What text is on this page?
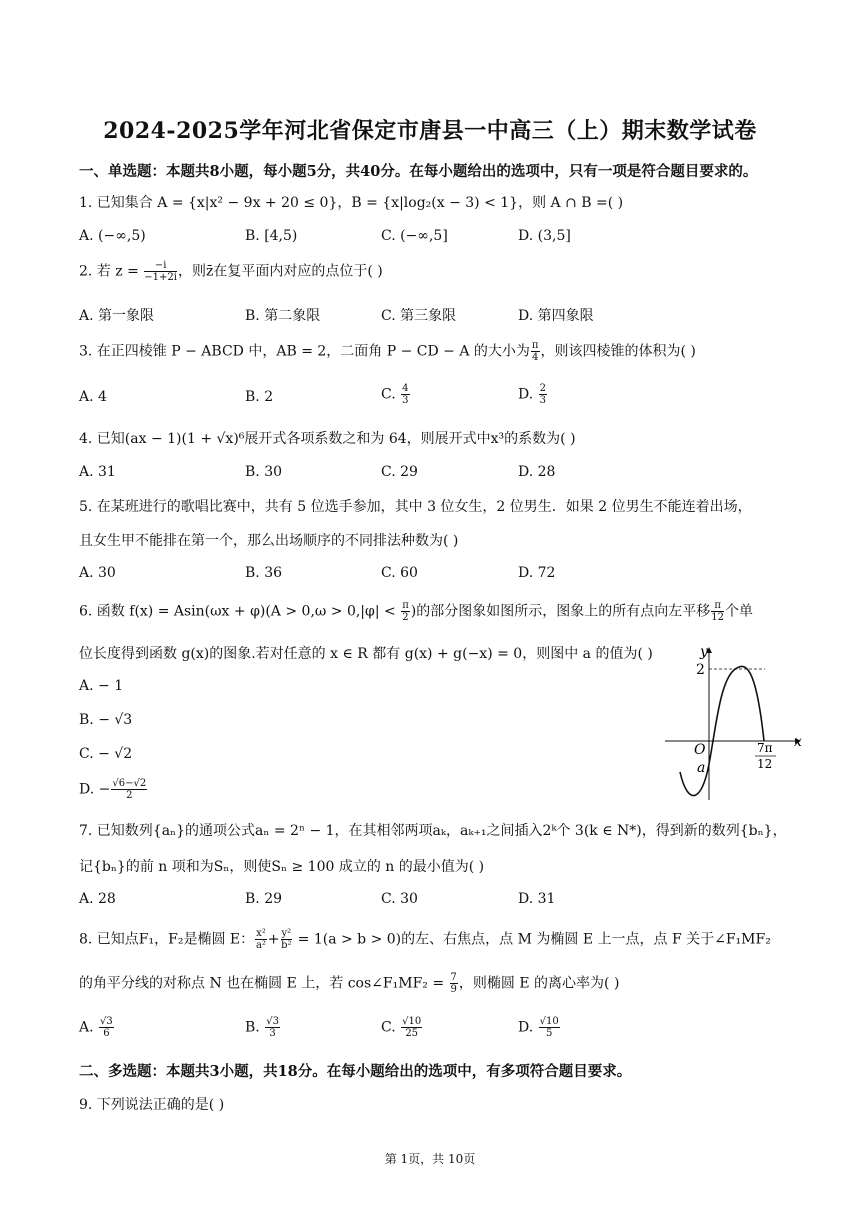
2024-2025学年河北省保定市唐县一中高三（上）期末数学试卷
一、单选题：本题共8小题，每小题5分，共40分。在每小题给出的选项中，只有一项是符合题目要求的。
1. 已知集合 A = {x|x² − 9x + 20 ≤ 0}，B = {x|log₂(x − 3) < 1}，则 A ∩ B =( )
A. (−∞,5)	B. [4,5)	C. (−∞,5]	D. (3,5]
2. 若 $z = \frac{-i}{-1+2i}$ ，则z̄在复平面内对应的点位于( )
A. 第一象限	B. 第二象限	C. 第三象限	D. 第四象限
3. 在正四棱锥 P − ABCD 中，AB = 2，二面角 P − CD − A 的大小为 $\frac{\pi}{4}$ ，则该四棱锥的体积为( )
A. 4	B. 2	C. $\frac{4}{3}$	D. $\frac{2}{3}$
4. 已知(ax − 1)(1 + √x)⁶展开式各项系数之和为 64，则展开式中x³的系数为( )
A. 31	B. 30	C. 29	D. 28
5. 在某班进行的歌唱比赛中，共有 5 位选手参加，其中 3 位女生，2 位男生．如果 2 位男生不能连着出场，
且女生甲不能排在第一个，那么出场顺序的不同排法种数为( )
A. 30	B. 36	C. 60	D. 72
6. 函数 $f(x) = Asin(\omega x + \varphi)(A > 0,\omega > 0,|\varphi| < \frac{\pi}{2}$ )的部分图象如图所示，图象上的所有点向左平移 $\frac{\pi}{12}$ 个单
位长度得到函数 g(x)的图象.若对任意的 x ∈ R 都有 g(x) + g(−x) = 0，则图中 a 的值为( )
A. − 1
B. − √3
C. − √2
D. − $\frac{√6-√2}{2}$
2
O
a
y
x
7π
12
7. 已知数列{aₙ}的通项公式aₙ = 2ⁿ − 1，在其相邻两项aₖ，aₖ₊₁之间插入2ᵏ个 3(k ∈ N*)，得到新的数列{bₙ}，
记{bₙ}的前 n 项和为Sₙ，则使Sₙ ≥ 100 成立的 n 的最小值为( )
A. 28	B. 29	C. 30	D. 31
8. 已知点F₁，F₂是椭圆 E： $\frac{\text{x²}}{\text{a²}} + \frac{\text{y²}}{\text{b²}} = 1(a > b > 0)$的左、右焦点，点 M 为椭圆 E 上一点，点 F 关于∠F₁MF₂
的角平分线的对称点 N 也在椭圆 E 上，若 cos∠F₁MF₂ = $\frac{7}{9}$ ，则椭圆 E 的离心率为( )
A. $\frac{√3}{6}$	B. $\frac{√3}{3}$	C. $\frac{√10}{25}$	D. $\frac{√10}{5}$
二、多选题：本题共3小题，共18分。在每小题给出的选项中，有多项符合题目要求。
9. 下列说法正确的是( )
第 1页，共 10页
